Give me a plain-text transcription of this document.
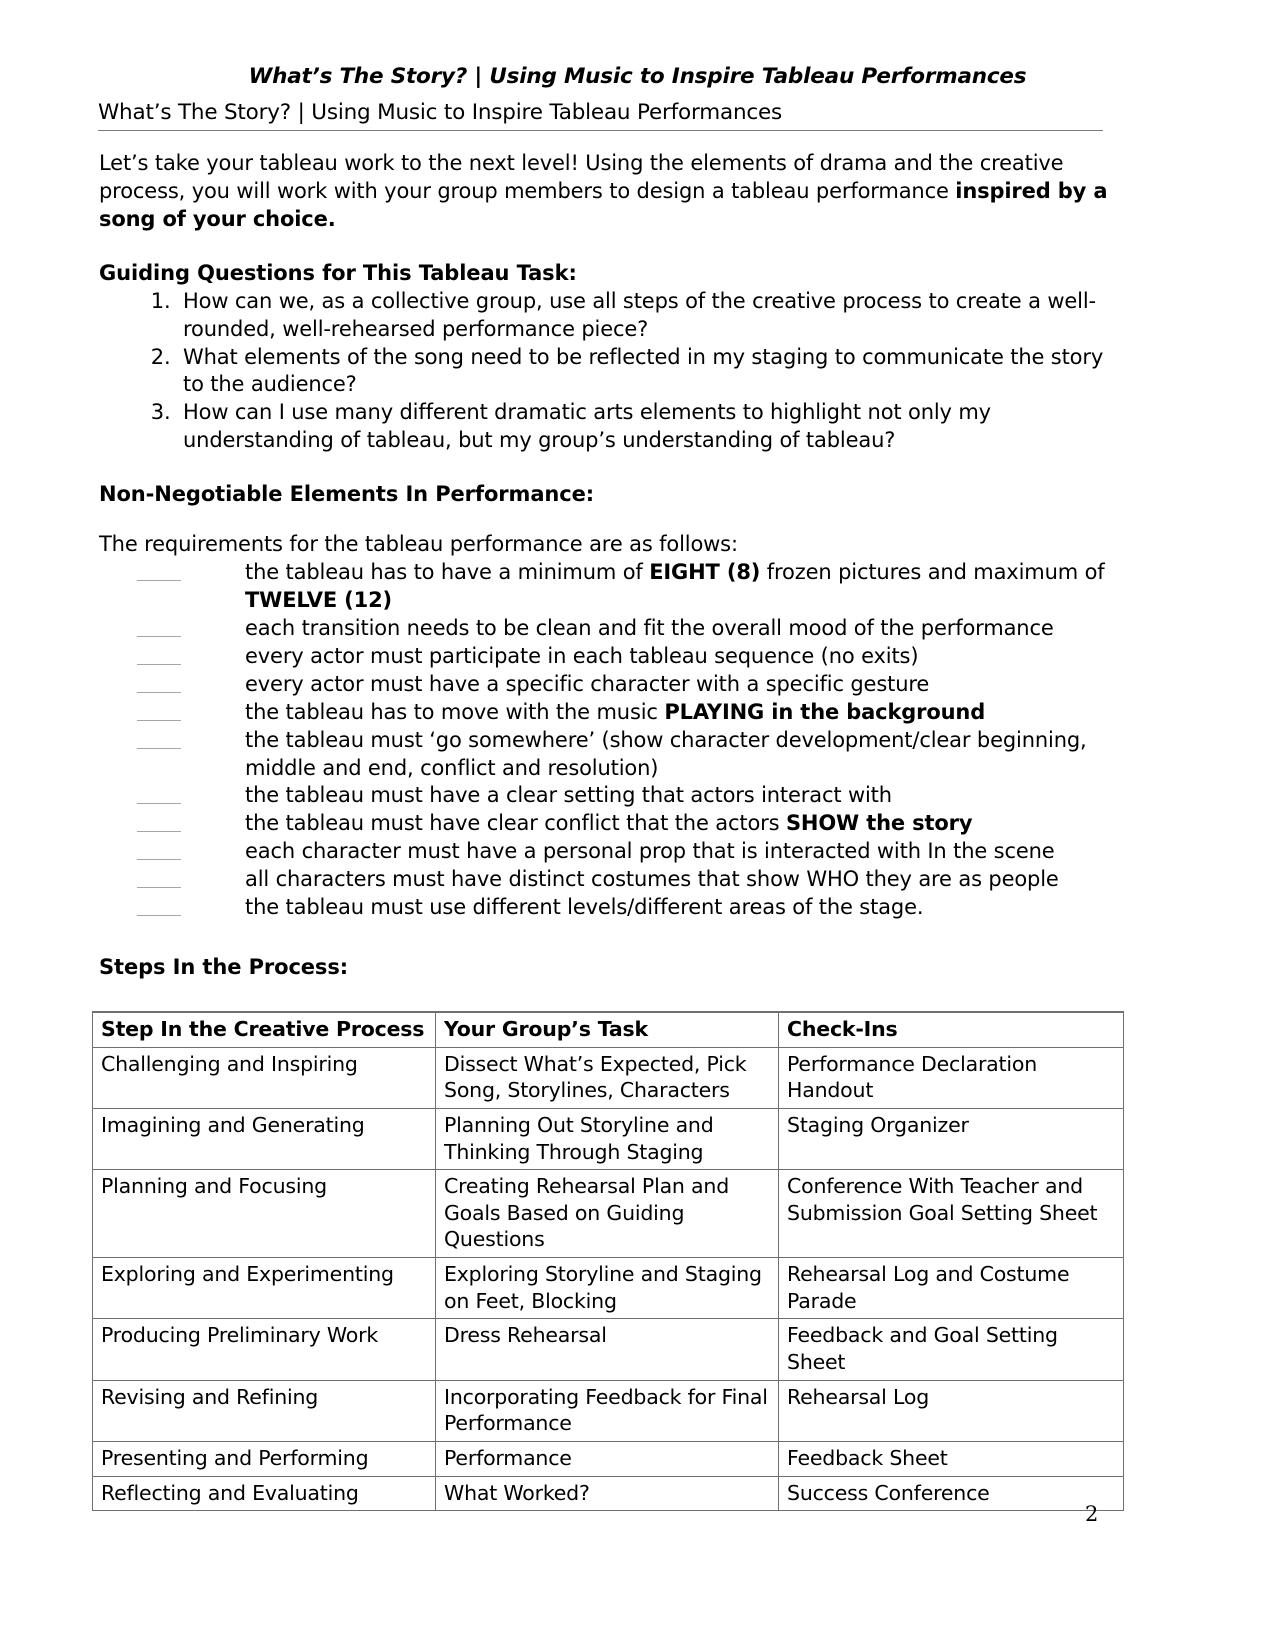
What’s The Story? | Using Music to Inspire Tableau Performances
What’s The Story? | Using Music to Inspire Tableau Performances

Let’s take your tableau work to the next level! Using the elements of drama and the creative process, you will work with your group members to design a tableau performance inspired by a song of your choice.

Guiding Questions for This Tableau Task:
1. How can we, as a collective group, use all steps of the creative process to create a well-rounded, well-rehearsed performance piece?
2. What elements of the song need to be reflected in my staging to communicate the story to the audience?
3. How can I use many different dramatic arts elements to highlight not only my understanding of tableau, but my group’s understanding of tableau?
Non-Negotiable Elements In Performance:

The requirements for the tableau performance are as follows:

the tableau has to have a minimum of EIGHT (8) frozen pictures and maximum of TWELVE (12)
each transition needs to be clean and fit the overall mood of the performance
every actor must participate in each tableau sequence (no exits)
every actor must have a specific character with a specific gesture
the tableau has to move with the music PLAYING in the background
the tableau must ‘go somewhere’ (show character development/clear beginning, middle and end, conflict and resolution)
the tableau must have a clear setting that actors interact with
the tableau must have clear conflict that the actors SHOW the story
each character must have a personal prop that is interacted with In the scene
all characters must have distinct costumes that show WHO they are as people
the tableau must use different levels/different areas of the stage.
Steps In the Process:
Step In the Creative Process	Your Group’s Task	Check-Ins
Challenging and Inspiring	Dissect What’s Expected, Pick Song, Storylines, Characters	Performance Declaration Handout
Imagining and Generating	Planning Out Storyline and Thinking Through Staging	Staging Organizer
Planning and Focusing	Creating Rehearsal Plan and Goals Based on Guiding Questions	Conference With Teacher and Submission Goal Setting Sheet
Exploring and Experimenting	Exploring Storyline and Staging on Feet, Blocking	Rehearsal Log and Costume Parade
Producing Preliminary Work	Dress Rehearsal	Feedback and Goal Setting Sheet
Revising and Refining	Incorporating Feedback for Final Performance	Rehearsal Log
Presenting and Performing	Performance	Feedback Sheet
Reflecting and Evaluating	What Worked?	Success Conference
2
